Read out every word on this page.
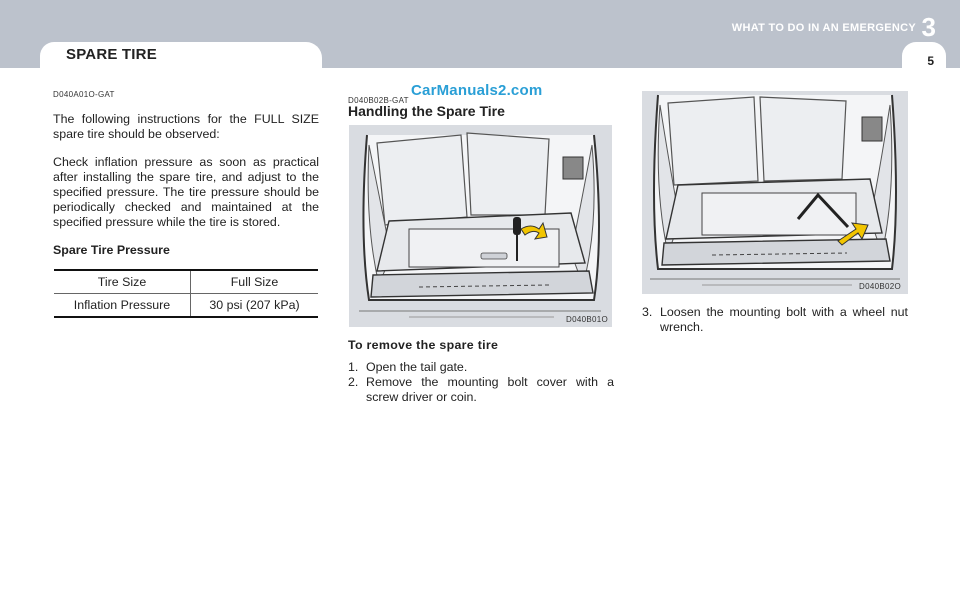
SPARE TIRE
WHAT TO DO IN AN EMERGENCY 3
5
D040A01O-GAT

The following instructions for the FULL SIZE spare tire should be observed:

Check inflation pressure as soon as practical after installing the spare tire, and adjust to the specified pressure. The tire pressure should be periodically checked and maintained at the specified pressure while the tire is stored.

Spare Tire Pressure
Tire Size	Full Size
Inflation Pressure	30 psi (207 kPa)
D040B02B-GAT
CarManuals2.com
Handling the Spare Tire
D040B01O
To remove the spare tire
1. Open the tail gate.
2. Remove the mounting bolt cover with a screw driver or coin.
D040B02O
3. Loosen the mounting bolt with a wheel nut wrench.
